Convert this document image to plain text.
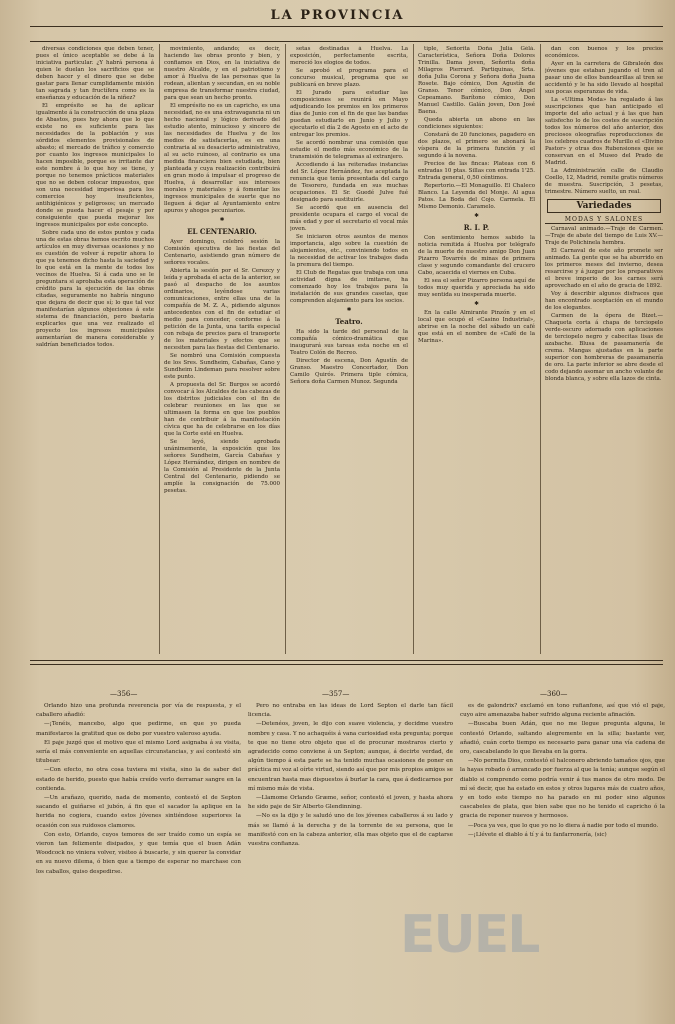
LA PROVINCIA

diversas condiciones que deben tener, pues el único aceptable se debe á la iniciativa particular. ¿Y habrá persona á quien le duelan los sacrificios que se deben hacer y el dinero que se debe gastar para llenar cumplidamente misión tan sagrada y tan fructífera como es la enseñanza y educación de la niñez?

El emprésito se ha de aplicar igualmente á la construcción de una plaza de Abastos, pues hoy ahora que lo que existe no es suficiente para las necesidades de la población y sus sórdidos elementos provisionales de abasto; el mercado de tráfico y comercio por cuanto los ingresos municipales lo hacen imposible, porque es irritante dar este nombre á lo que hoy se tiene, y porque no tenemos prácticos materiales que no se deben colocar impuestos, que son una necesidad imperiosa para los comercios hoy insuficientes, antihigiénicos y peligrosos; un mercado donde se pueda hacer el pesaje y por consiguiente que pueda mejorar los ingresos municipales por este concepto.

Sobre cada uno de estos puntos y cada una de estas obras hemos escrito muchos artículos en muy diversas ocasiones y no es cuestión de volver á repetir ahora lo que ya tenemos dicho hasta la saciedad y lo que está en la mente de todos los vecinos de Huelva. Si á cada uno se le preguntara si aprobaba esta operación de crédito para la ejecución de las obras citadas, seguramente no habría ninguno que dejara de decir que sí; lo que tal vez manifestarían algunos objeciones á este sistema de financiación, pero bastaría explicarles que una vez realizado el proyecto los ingresos municipales aumentarían de manera considerable y saldrían beneficiados todos.

movimiento, andando; es decir, haciendo las obras pronto y bien, y confiamos en Dios, en la iniciativa de nuestro Alcalde, y en el patriotismo y amor á Huelva de las personas que la rodean, alientan y secundan, en su noble empresa de transformar nuestra ciudad, para que sean un hecho pronto.

El emprésito no es un capricho, es una necesidad, no es una extravagancia ni un hecho nacional y lógico derivado del estudio atento, minucioso y sincero de las necesidades de Huelva y de los medios de satisfacerlas, es en una contraria al su desacierto administrativo, al su acto ruinoso, al contrario es una medida financiera bien estudiada, bien planteada y cuya realización contribuirá en gran modo á impulsar el progreso de Huelva, á desarrollar sus intereses morales y materiales y á fomentar los ingresos municipales de suerte que no lleguen á dejar al Ayuntamiento entre apuros y ahogos pecuniarios.

✱

EL CENTENARIO.

Ayer domingo, celebró sesión la Comisión ejecutiva de las fiestas del Centenario, asistiendo gran número de señores vocales.

Abierta la sesión por el Sr. Cerezcy y leída y aprobada el acta de la anterior, se pasó al despacho de los asuntos ordinarios, leyéndose varias comunicaciones, entre ellas una de la compañía de M. Z. A., pidiendo algunos antecedentes con el fin de estudiar el medio para conceder, conforme á la petición de la Junta, una tarifa especial con rebaja de precios para el transporte de los materiales y efectos que se necesiten para las fiestas del Centenario.

Se nombró una Comisión compuesta de los Sres. Sundheim, Cabañas, Cano y Sundheim Lindeman para resolver sobre este punto.

A propuesta del Sr. Burgos se acordó convocar á los Alcaldes de las cabezas de los distritos judiciales con el fin de celebrar reuniones en las que se ultimasen la forma en que los pueblos han de contribuir á la manifestación cívica que ha de celebrarse en los días que la Corte esté en Huelva.

Se leyó, siendo aprobada unánimemente, la exposición que los señores Sundheim, García Cabañas y López Hernández, dirigen en nombre de la Comisión al Presidente de la Junta Central del Centenario, pidiendo se amplíe la consignación de 75.000 pesetas.

setas destinadas á Huelva. La exposición, perfectamente escrita, mereció los elogios de todos.

Se aprobó el programa para el concurso musical, programa que se publicará en breve plazo.

El Jurado para estudiar las composiciones se reunirá en Mayo adjudicando los premios en los primeros días de Junio con el fin de que las bandas puedan estudiarlo en Junio y Julio y ejecutarlo el día 2 de Agosto en el acto de entregar los premios.

Se acordó nombrar una comisión que estudie el medio más económico de la transmisión de telegramas al extranjero.

Accediendo á las reiteradas instancias del Sr. López Hernández, fue aceptada la renuncia que tenía presentada del cargo de Tesorero, fundada en sus muchas ocupaciones. El Sr. Guedé Julve fué designado para sustituirle.

Se acordó que en ausencia del presidente ocupara el cargo el vocal de más edad y por el secretario el vocal más joven.

Se iniciaron otros asuntos de menos importancia, algo sobre la cuestión de alojamientos, etc., conviniendo todos en la necesidad de activar los trabajos dada la premura del tiempo.

El Club de Regatas que trabaja con una actividad digna de imitarse, ha comenzado hoy los trabajos para la instalación de sus grandes casetas, que comprenden alojamiento para los socios.

✱

Teatro.

Ha sido la tarde del personal de la compañía cómico-dramática que inaugurará sus tareas esta noche en el Teatro Colón de Recreo.

Director de escena, Don Agustín de Granso. Maestro Concertador, Don Camilo Quirós. Primera tiple cómica, Señora doña Carmen Munoz. Segunda

tiple, Señorita Doña Julia Gélá. Característica, Señora Doña Dolores Trinilla. Dama joven, Señorita doña Milagros Pierrard. Partiquinas, Srta. doña Julia Corona y Señora doña Juana Rosete. Bajo cómico, Don Agustín de Granso. Tenor cómico, Don Ángel Cepeamano. Barítono cómico, Don Manuel Castillo. Galán joven, Don José Baena.

Queda abierta un abono en las condiciones siguientes:

Constará de 20 funciones, pagadero en dos plazos, el primero se abonará la víspera de la primera función y el segundo á la novena.

Precios de las fincas: Plateas con 6 entradas 10 ptas. Sillas con entrada 1'25. Entrada general, 0,50 céntimos.

Repertorio.—El Monaguillo. El Chaleco Blanco. La Leyenda del Monje. Al agua Patos. La Boda del Cojo. Carmela. El Mismo Demonio. Caramelo.

✱

R. I. P.

Con sentimiento hemos sabido la noticia remitida á Huelva por telégrafo de la muerte de nuestro amigo Don Juan Pizarro Tovarrés de minas de primera clase y segundo comandante del crucero Cabo, acaecida el viernes en Cuba.

El sea el señor Pizarro persona aquí de todos muy querida y apreciada ha sido muy sentida su inesperada muerte.

✱

En la calle Almirante Pinzón y en el local que ocupó el «Casino Industrial», abrirse en la noche del sábado un café que está en el nombre de «Café de la Marina».

dan con buenos y los precios económicos.

Ayer en la carretera de Gibraleón dos jóvenes que estaban jugando el tren al pasar uno de ellos bandearillas al tren se accidentó y le ha sido llevado al hospital sus pocas esperanzas de vida.

La «Ultima Moda» ha regalado á las suscripciones que han anticipado el importe del año actual y á las que han satisfecho lo de los costes de suscripción todos los números del año anterior, dos preciosos oleografías reproducciones de los celebres cuadros de Murillo el «Divino Pastor» y otras dos Rubensiones que se conservan en el Museo del Prado de Madrid.

La Administración calle de Claudio Coello, 12, Madrid, remite gratis números de muestra. Suscripción, 3 pesetas, trimestre. Número suelto, un real.

Variedades
MODAS Y SALONES

Carnaval animado.—Traje de Carmen.—Traje de abate del tiempo de Luis XV.—Traje de Polichinela hembra.

El Carnaval de este año promete ser animado. La gente que se ha aburrido en los primeros meses del invierno, desea resarcirse y á juzgar por los preparativos el breve imperio de los carnes será aprovechado en el año de gracia de 1892.

Voy á describir algunos disfraces que han encontrado aceptación en el mundo de los elegantes.

Carmen de la ópera de Bizet.—Chaqueta corta á chapa de terciopelo verde-oscuro adornado con aplicaciones de terciopelo negro y cabecitas lisas de azabache. Blusa de pasamanería de crema. Mangas ajustadas en la parte superior con hombreras de pasamanería de oro. La parte inferior se abre desde el codo dejando asomar un ancho volante de blonda blanca, y sobre ella lazos de cinta.

—356—	—357—	—360—

Orlando hizo una profunda reverencia por vía de respuesta, y el caballero añadió:

—¡Tenéis, mancebo, algo que pedirme, en que yo pueda manifestaros la gratitud que os debo por vuestro valeroso ayuda.

El paje juzgó que el motivo que el mismo Lord asignaba á su visita, sería el más conveniente en aquellas circunstancias, y así contestó sin titubear:

—Con efecto, no otra cosa tuviera mi visita, sino la de saber del estado de herido, puesto que había creído verlo derramar sangre en la contienda.

—Un arañazo, querido, nada de momento, contestó el de Septon sacando el guiñarse el jubón, á fin que el sacador la aplique en la herida no cogiera, cuando estos jóvenes sintiéndose superiores la ocasión con sus ruidosos clamores.

Con esto, Orlando, cuyos temores de ser traído como un espía se vieron tan felizmente disipados, y que temía que el buen Adán Woodcock no viniera volver, visiteo á buscarle, y sin querer la convidar en su nuevo dilema, ó bien que a tiempo de esperar no marchase con los caballos, quiso despedirse.

Pero no entraba en las ideas de Lord Septon el darle tan fácil licencia.

—Detenéos, joven, le dijo con suave violencia, y decidme vuestro nombre y casa. Y no achaquéis á vana curiosidad esta pregunta; porque te que no tiene otro objeto que el de procurar mostraros cierto y agradecido como conviene á un Septon; aunque, á decirte verdad, de algún tiempo á esta parte se ha tenido muchas ocasiones de poner en práctica mi voz al oírte virtud, siendo así que por mis propios amigos se encuentran hasta mas dispuestos á burlar la cara, que á dedicarnos por mí mismo más de vista.

—Llamome Orlando Græme, señor, contestó el joven, y hasta ahora he sido paje de Sir Alberto Glendinning.

—No es la dijo y le saludó uno de los jóvenes caballeros á su lado y más se llamó á la derecha y de la torrente de su persona, que le manifestó con en la cabeza anterior, ella mas objeto que el de captarse vuestra confianza.

es de galondrix? exclamó en tono rufianfone, así que vió el paje, cuyo aire amenazaba haber sufrido alguna reciente afinación.

—Buscaba buen Adán, que no me llegue pregunta alguna, le contestó Orlando, saltando alegremente en la silla; bastante ver, añadió, cuán corto tiempo es necesario para ganar una vía cadena de oro, cascabelando lo que llevaba en la gorra.

—No permita Dios, contestó el halconero abriendo tamaños ojos, que la hayas robado ó arrancado por fuerza al que la tenía; aunque según el diablo si comprendo como podría venir á tus manos de otro modo. De mí sé decir, que ha estado en estos y otros lugares más de cuatro años, y en todo este tiempo no ha parado en mi poder sino algunos cascabeles de plata, que bien sabe que no he tenido el capricho ó la gracia de reponer nuevos y hermosos.

—Poca ya ves, que lo que yo no lo diera á nadie por todo el mundo.

—¡Llévete el diablo á tí y á tu fanfarronería, (sic)

EUEL
